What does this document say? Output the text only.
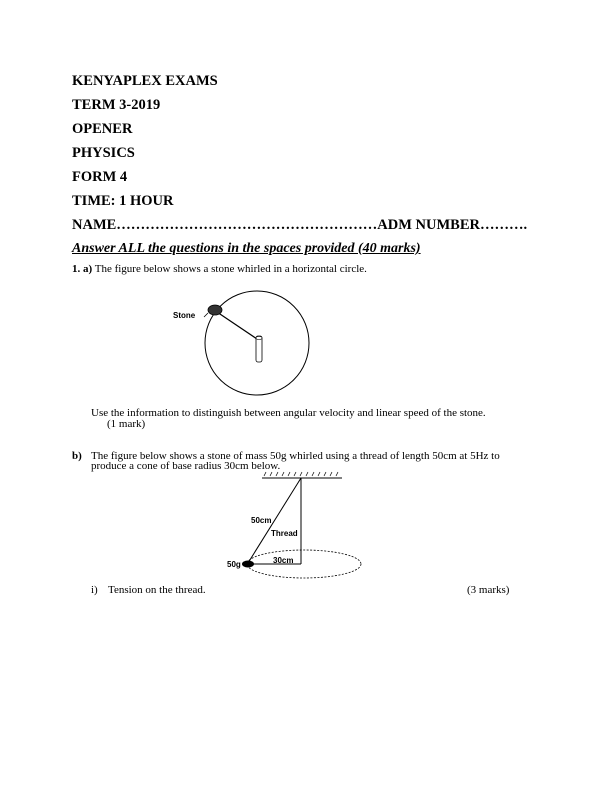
KENYAPLEX EXAMS
TERM 3-2019
OPENER
PHYSICS
FORM 4
TIME: 1 HOUR
NAME………………………………………………ADM NUMBER……….
Answer ALL the questions in the spaces provided (40 marks)
1. a) The figure below shows a stone whirled in a horizontal circle.
Stone
Use the information to distinguish between angular velocity and linear speed of the stone.
(1 mark)
b) The figure below shows a stone of mass 50g whirled using a thread of length 50cm at 5Hz to
produce a cone of base radius 30cm below.
50cm
Thread
30cm
50g
i) Tension on the thread.	(3 marks)
